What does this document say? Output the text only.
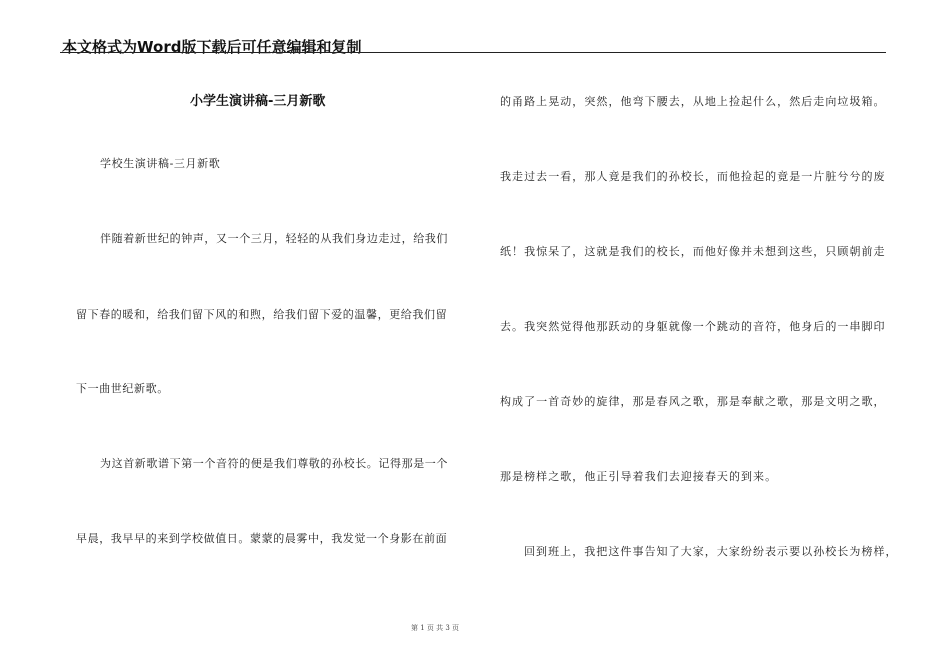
本文格式为Word版下载后可任意编辑和复制
小学生演讲稿-三月新歌
学校生演讲稿-三月新歌
伴随着新世纪的钟声，又一个三月，轻轻的从我们身边走过，给我们
留下春的暖和，给我们留下风的和煦，给我们留下爱的温馨，更给我们留
下一曲世纪新歌。
为这首新歌谱下第一个音符的便是我们尊敬的孙校长。记得那是一个
早晨，我早早的来到学校做值日。蒙蒙的晨雾中，我发觉一个身影在前面
的甬路上晃动，突然，他弯下腰去，从地上捡起什么，然后走向垃圾箱。
我走过去一看，那人竟是我们的孙校长，而他捡起的竟是一片脏兮兮的废
纸！我惊呆了，这就是我们的校长，而他好像并未想到这些，只顾朝前走
去。我突然觉得他那跃动的身躯就像一个跳动的音符，他身后的一串脚印
构成了一首奇妙的旋律，那是春风之歌，那是奉献之歌，那是文明之歌，
那是榜样之歌，他正引导着我们去迎接春天的到来。
回到班上，我把这件事告知了大家，大家纷纷表示要以孙校长为榜样，
第 1 页 共 3 页
